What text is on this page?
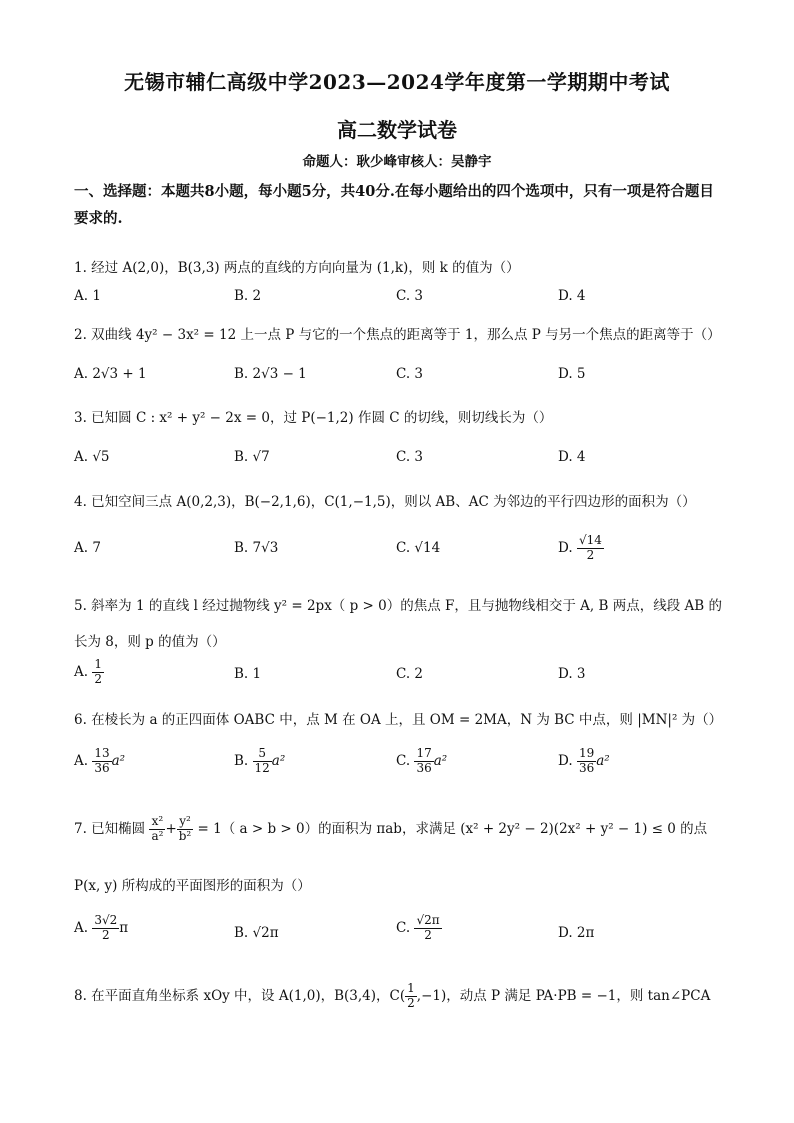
无锡市辅仁高级中学2023—2024学年度第一学期期中考试
高二数学试卷
命题人：耿少峰审核人：吴静宇
一、选择题：本题共8小题，每小题5分，共40分.在每小题给出的四个选项中，只有一项是符合题目要求的.
1. 经过 A(2,0)，B(3,3) 两点的直线的方向向量为 (1,k)，则 k 的值为（）
A. 1	B. 2	C. 3	D. 4
2. 双曲线 4y² − 3x² = 12 上一点 P 与它的一个焦点的距离等于 1，那么点 P 与另一个焦点的距离等于（）
A. 2√3 + 1	B. 2√3 − 1	C. 3	D. 5
3. 已知圆 C : x² + y² − 2x = 0，过 P(−1,2) 作圆 C 的切线，则切线长为（）
A. √5	B. √7	C. 3	D. 4
4. 已知空间三点 A(0,2,3)，B(−2,1,6)，C(1,−1,5)，则以 AB、AC 为邻边的平行四边形的面积为（）
A. 7	B. 7√3	C. √14	D. $\frac{√14}{2}$
5. 斜率为 1 的直线 l 经过抛物线 y² = 2px（ p > 0）的焦点 F，且与抛物线相交于 A, B 两点，线段 AB 的
长为 8，则 p 的值为（）
A. $\frac{1}{2}$	B. 1	C. 2	D. 3
6. 在棱长为 a 的正四面体 OABC 中，点 M 在 OA 上，且 OM = 2MA，N 为 BC 中点，则 |MN|² 为（）
A. $\frac{13}{36} a^2$	B. $\frac{5}{12} a^2$	C. $\frac{17}{36} a^2$	D. $\frac{19}{36} a^2$
7. 已知椭圆 $\frac{\text{x²}}{\text{a²}} + \frac{\text{y²}}{\text{b²}} = 1$（ a > b > 0）的面积为 πab，求满足 (x² + 2y² − 2)(2x² + y² − 1) ≤ 0 的点
P(x, y) 所构成的平面图形的面积为（）
A. $\frac{3√2}{2}$ π	B. √2π	C. $\frac{√2\pi}{2}$	D. 2π
8. 在平面直角坐标系 xOy 中，设 A(1,0)，B(3,4)，$C( \frac{1}{2} ,-1)$，动点 P 满足 PA·PB = −1，则 tan∠PCA
